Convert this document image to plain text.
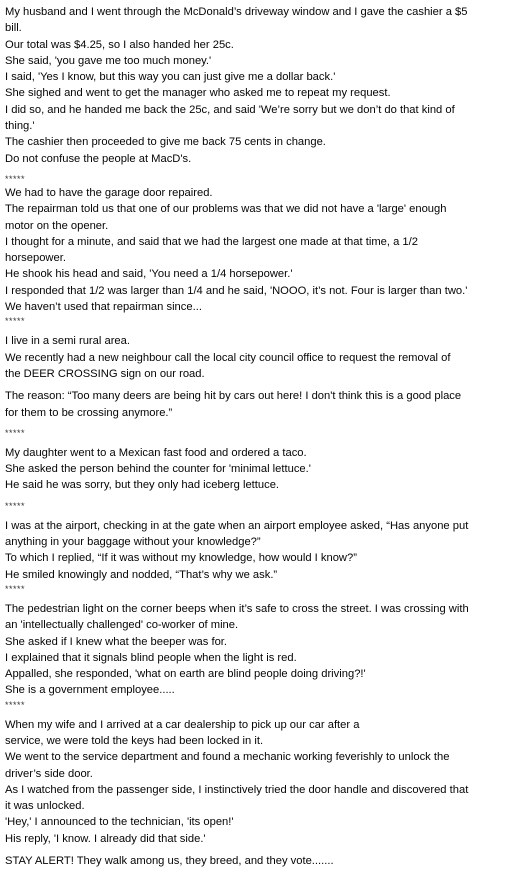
My husband and I went through the McDonald’s driveway window and I gave the cashier a $5
bill.
Our total was $4.25, so I also handed her 25c.
She said, 'you gave me too much money.'
I said, 'Yes I know, but this way you can just give me a dollar back.'
She sighed and went to get the manager who asked me to repeat my request.
I did so, and he handed me back the 25c, and said 'We’re sorry but we don’t do that kind of
thing.'
The cashier then proceeded to give me back 75 cents in change.
Do not confuse the people at MacD's.
*****
We had to have the garage door repaired.
The repairman told us that one of our problems was that we did not have a 'large' enough
motor on the opener.
I thought for a minute, and said that we had the largest one made at that time, a 1/2
horsepower.
He shook his head and said, 'You need a 1/4 horsepower.'
I responded that 1/2 was larger than 1/4 and he said, 'NOOO, it’s not. Four is larger than two.'
We haven’t used that repairman since...
*****
I live in a semi rural area.
We recently had a new neighbour call the local city council office to request the removal of
the DEER CROSSING sign on our road.
The reason: “Too many deers are being hit by cars out here! I don't think this is a good place
for them to be crossing anymore.”
*****
My daughter went to a Mexican fast food and ordered a taco.
She asked the person behind the counter for 'minimal lettuce.'
He said he was sorry, but they only had iceberg lettuce.
*****
I was at the airport, checking in at the gate when an airport employee asked, “Has anyone put
anything in your baggage without your knowledge?”
To which I replied, “If it was without my knowledge, how would I know?”
He smiled knowingly and nodded, “That’s why we ask.”
*****
The pedestrian light on the corner beeps when it’s safe to cross the street. I was crossing with
an 'intellectually challenged' co-worker of mine.
She asked if I knew what the beeper was for.
I explained that it signals blind people when the light is red.
Appalled, she responded, 'what on earth are blind people doing driving?!'
She is a government employee.....
*****
When my wife and I arrived at a car dealership to pick up our car after a
service, we were told the keys had been locked in it.
We went to the service department and found a mechanic working feverishly to unlock the
driver’s side door.
As I watched from the passenger side, I instinctively tried the door handle and discovered that
it was unlocked.
'Hey,' I announced to the technician, 'its open!'
His reply, 'I know. I already did that side.'
STAY ALERT! They walk among us, they breed, and they vote.......
